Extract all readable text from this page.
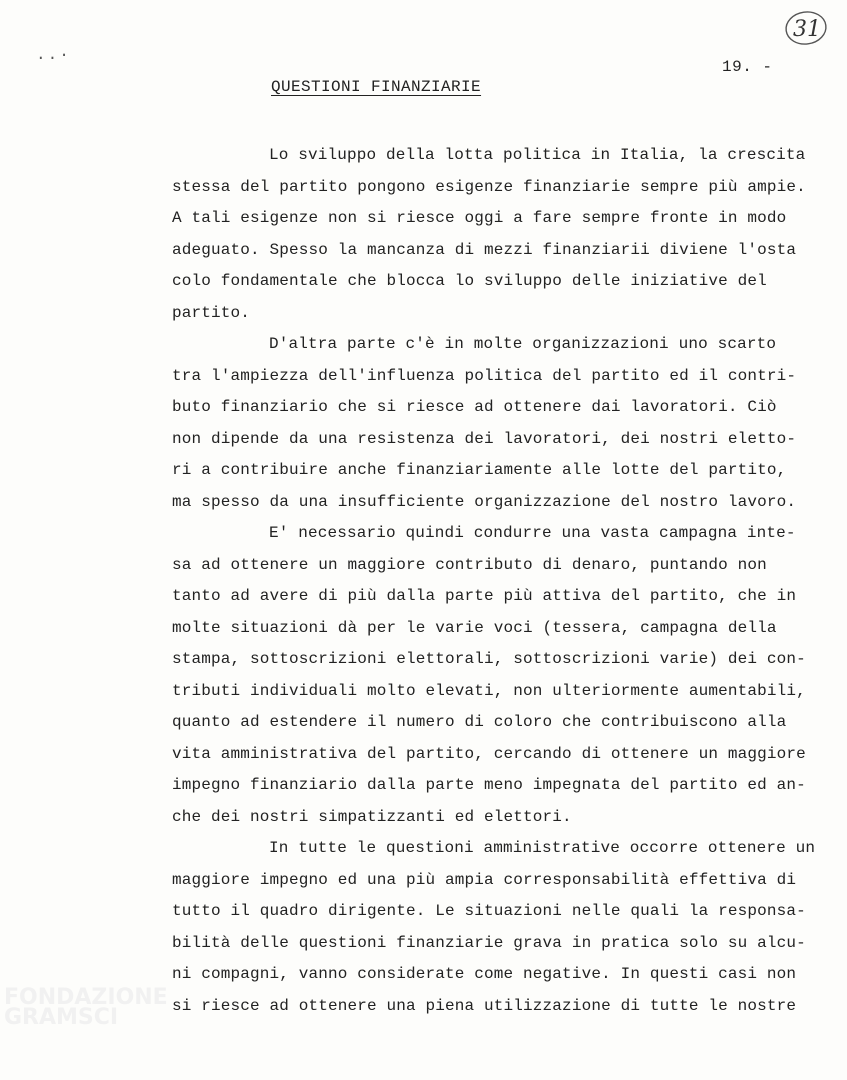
31
..·
19. -
QUESTIONI FINANZIARIE
Lo sviluppo della lotta politica in Italia, la crescita
stessa del partito pongono esigenze finanziarie sempre più ampie.
A tali esigenze non si riesce oggi a fare sempre fronte in modo
adeguato. Spesso la mancanza di mezzi finanziarii diviene l'osta
colo fondamentale che blocca lo sviluppo delle iniziative del
partito.
D'altra parte c'è in molte organizzazioni uno scarto
tra l'ampiezza dell'influenza politica del partito ed il contri-
buto finanziario che si riesce ad ottenere dai lavoratori. Ciò
non dipende da una resistenza dei lavoratori, dei nostri eletto-
ri a contribuire anche finanziariamente alle lotte del partito,
ma spesso da una insufficiente organizzazione del nostro lavoro.
E' necessario quindi condurre una vasta campagna inte-
sa ad ottenere un maggiore contributo di denaro, puntando non
tanto ad avere di più dalla parte più attiva del partito, che in
molte situazioni dà per le varie voci (tessera, campagna della
stampa, sottoscrizioni elettorali, sottoscrizioni varie) dei con-
tributi individuali molto elevati, non ulteriormente aumentabili,
quanto ad estendere il numero di coloro che contribuiscono alla
vita amministrativa del partito, cercando di ottenere un maggiore
impegno finanziario dalla parte meno impegnata del partito ed an-
che dei nostri simpatizzanti ed elettori.
In tutte le questioni amministrative occorre ottenere un
maggiore impegno ed una più ampia corresponsabilità effettiva di
tutto il quadro dirigente. Le situazioni nelle quali la responsa-
bilità delle questioni finanziarie grava in pratica solo su alcu-
ni compagni, vanno considerate come negative. In questi casi non
si riesce ad ottenere una piena utilizzazione di tutte le nostre
FONDAZIONE
GRAMSCI
